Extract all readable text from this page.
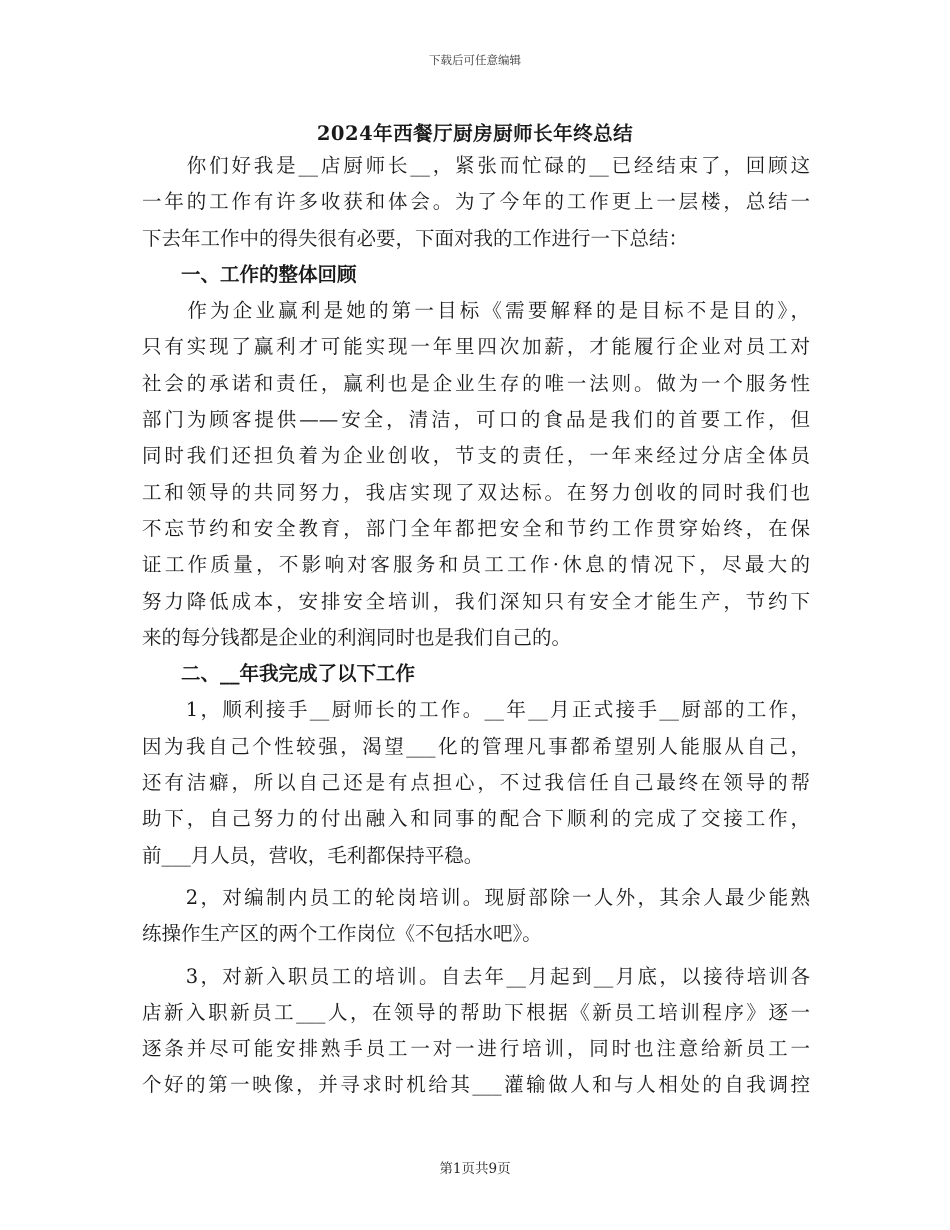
下载后可任意编辑
2024年西餐厅厨房厨师长年终总结
　　你们好我是__店厨师长__，紧张而忙碌的__已经结束了，回顾这
一年的工作有许多收获和体会。为了今年的工作更上一层楼，总结一
下去年工作中的得失很有必要，下面对我的工作进行一下总结：
　　一、工作的整体回顾
　　作为企业赢利是她的第一目标《需要解释的是目标不是目的》，
只有实现了赢利才可能实现一年里四次加薪，才能履行企业对员工对
社会的承诺和责任，赢利也是企业生存的唯一法则。做为一个服务性
部门为顾客提供——安全，清洁，可口的食品是我们的首要工作，但
同时我们还担负着为企业创收，节支的责任，一年来经过分店全体员
工和领导的共同努力，我店实现了双达标。在努力创收的同时我们也
不忘节约和安全教育，部门全年都把安全和节约工作贯穿始终，在保
证工作质量，不影响对客服务和员工工作·休息的情况下，尽最大的
努力降低成本，安排安全培训，我们深知只有安全才能生产，节约下
来的每分钱都是企业的利润同时也是我们自己的。
　　二、__年我完成了以下工作
　　1，顺利接手__厨师长的工作。__年__月正式接手__厨部的工作，
因为我自己个性较强，渴望___化的管理凡事都希望别人能服从自己，
还有洁癖，所以自己还是有点担心，不过我信任自己最终在领导的帮
助下，自己努力的付出融入和同事的配合下顺利的完成了交接工作，
前___月人员，营收，毛利都保持平稳。
　　2，对编制内员工的轮岗培训。现厨部除一人外，其余人最少能熟
练操作生产区的两个工作岗位《不包括水吧》。
　　3，对新入职员工的培训。自去年__月起到__月底，以接待培训各
店新入职新员工___人，在领导的帮助下根据《新员工培训程序》逐一
逐条并尽可能安排熟手员工一对一进行培训，同时也注意给新员工一
个好的第一映像，并寻求时机给其___灌输做人和与人相处的自我调控
第1页共9页
